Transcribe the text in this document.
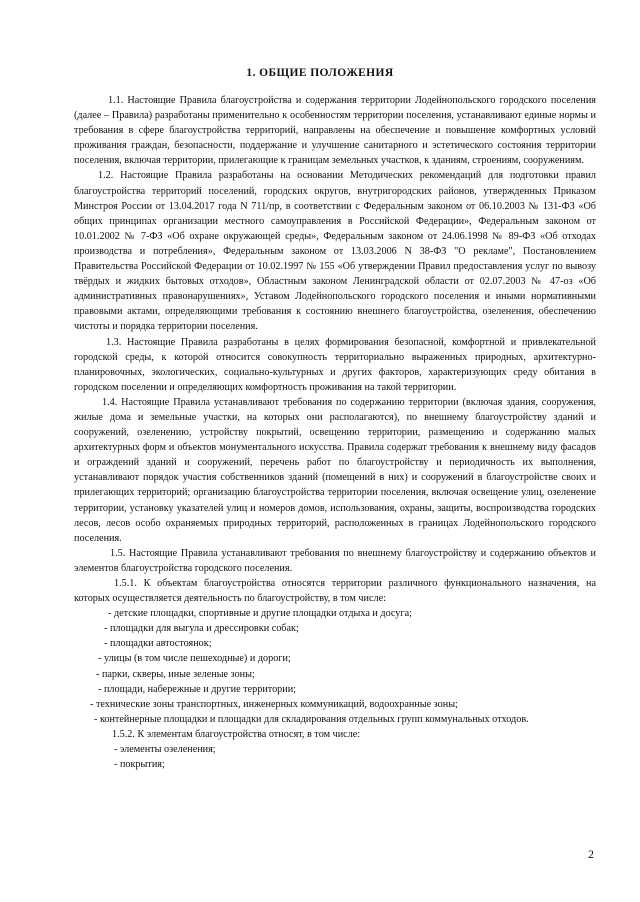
1. ОБЩИЕ ПОЛОЖЕНИЯ

1.1. Настоящие Правила благоустройства и содержания территории Лодейнопольского городского поселения (далее – Правила) разработаны применительно к особенностям территории поселения, устанавливают единые нормы и требования в сфере благоустройства территорий, направлены на обеспечение и повышение комфортных условий проживания граждан, безопасности, поддержание и улучшение санитарного и эстетического состояния территории поселения, включая территории, прилегающие к границам земельных участков, к зданиям, строениям, сооружениям.

1.2. Настоящие Правила разработаны на основании Методических рекомендаций для подготовки правил благоустройства территорий поселений, городских округов, внутригородских районов, утвержденных Приказом Минстроя России от 13.04.2017 года N 711/пр, в соответствии с Федеральным законом от 06.10.2003 № 131-ФЗ «Об общих принципах организации местного самоуправления в Российской Федерации», Федеральным законом от 10.01.2002 № 7-ФЗ «Об охране окружающей среды», Федеральным законом от 24.06.1998 № 89-ФЗ «Об отходах производства и потребления», Федеральным законом от 13.03.2006 N 38-ФЗ "О рекламе", Постановлением Правительства Российской Федерации от 10.02.1997 № 155 «Об утверждении Правил предоставления услуг по вывозу твёрдых и жидких бытовых отходов», Областным законом Ленинградской области от 02.07.2003 № 47-оз «Об административных правонарушениях», Уставом Лодейнопольского городского поселения и иными нормативными правовыми актами, определяющими требования к состоянию внешнего благоустройства, озеленения, обеспечению чистоты и порядка территории поселения.

1.3. Настоящие Правила разработаны в целях формирования безопасной, комфортной и привлекательной городской среды, к которой относится совокупность территориально выраженных природных, архитектурно-планировочных, экологических, социально-культурных и других факторов, характеризующих среду обитания в городском поселении и определяющих комфортность проживания на такой территории.

1.4. Настоящие Правила устанавливают требования по содержанию территории (включая здания, сооружения, жилые дома и земельные участки, на которых они располагаются), по внешнему благоустройству зданий и сооружений, озеленению, устройству покрытий, освещению территории, размещению и содержанию малых архитектурных форм и объектов монументального искусства. Правила содержат требования к внешнему виду фасадов и ограждений зданий и сооружений, перечень работ по благоустройству и периодичность их выполнения, устанавливают порядок участия собственников зданий (помещений в них) и сооружений в благоустройстве своих и прилегающих территорий; организацию благоустройства территории поселения, включая освещение улиц, озеленение территории, установку указателей улиц и номеров домов, использования, охраны, защиты, воспроизводства городских лесов, лесов особо охраняемых природных территорий, расположенных в границах Лодейнопольского городского поселения.

1.5. Настоящие Правила устанавливают требования по внешнему благоустройству и содержанию объектов и элементов благоустройства городского поселения.

1.5.1. К объектам благоустройства относятся территории различного функционального назначения, на которых осуществляется деятельность по благоустройству, в том числе:

- детские площадки, спортивные и другие площадки отдыха и досуга;

- площадки для выгула и дрессировки собак;

- площадки автостоянок;

- улицы (в том числе пешеходные) и дороги;

- парки, скверы, иные зеленые зоны;

- площади, набережные и другие территории;

- технические зоны транспортных, инженерных коммуникаций, водоохранные зоны;

- контейнерные площадки и площадки для складирования отдельных групп коммунальных отходов.

1.5.2. К элементам благоустройства относят, в том числе:

- элементы озеленения;

- покрытия;

2
